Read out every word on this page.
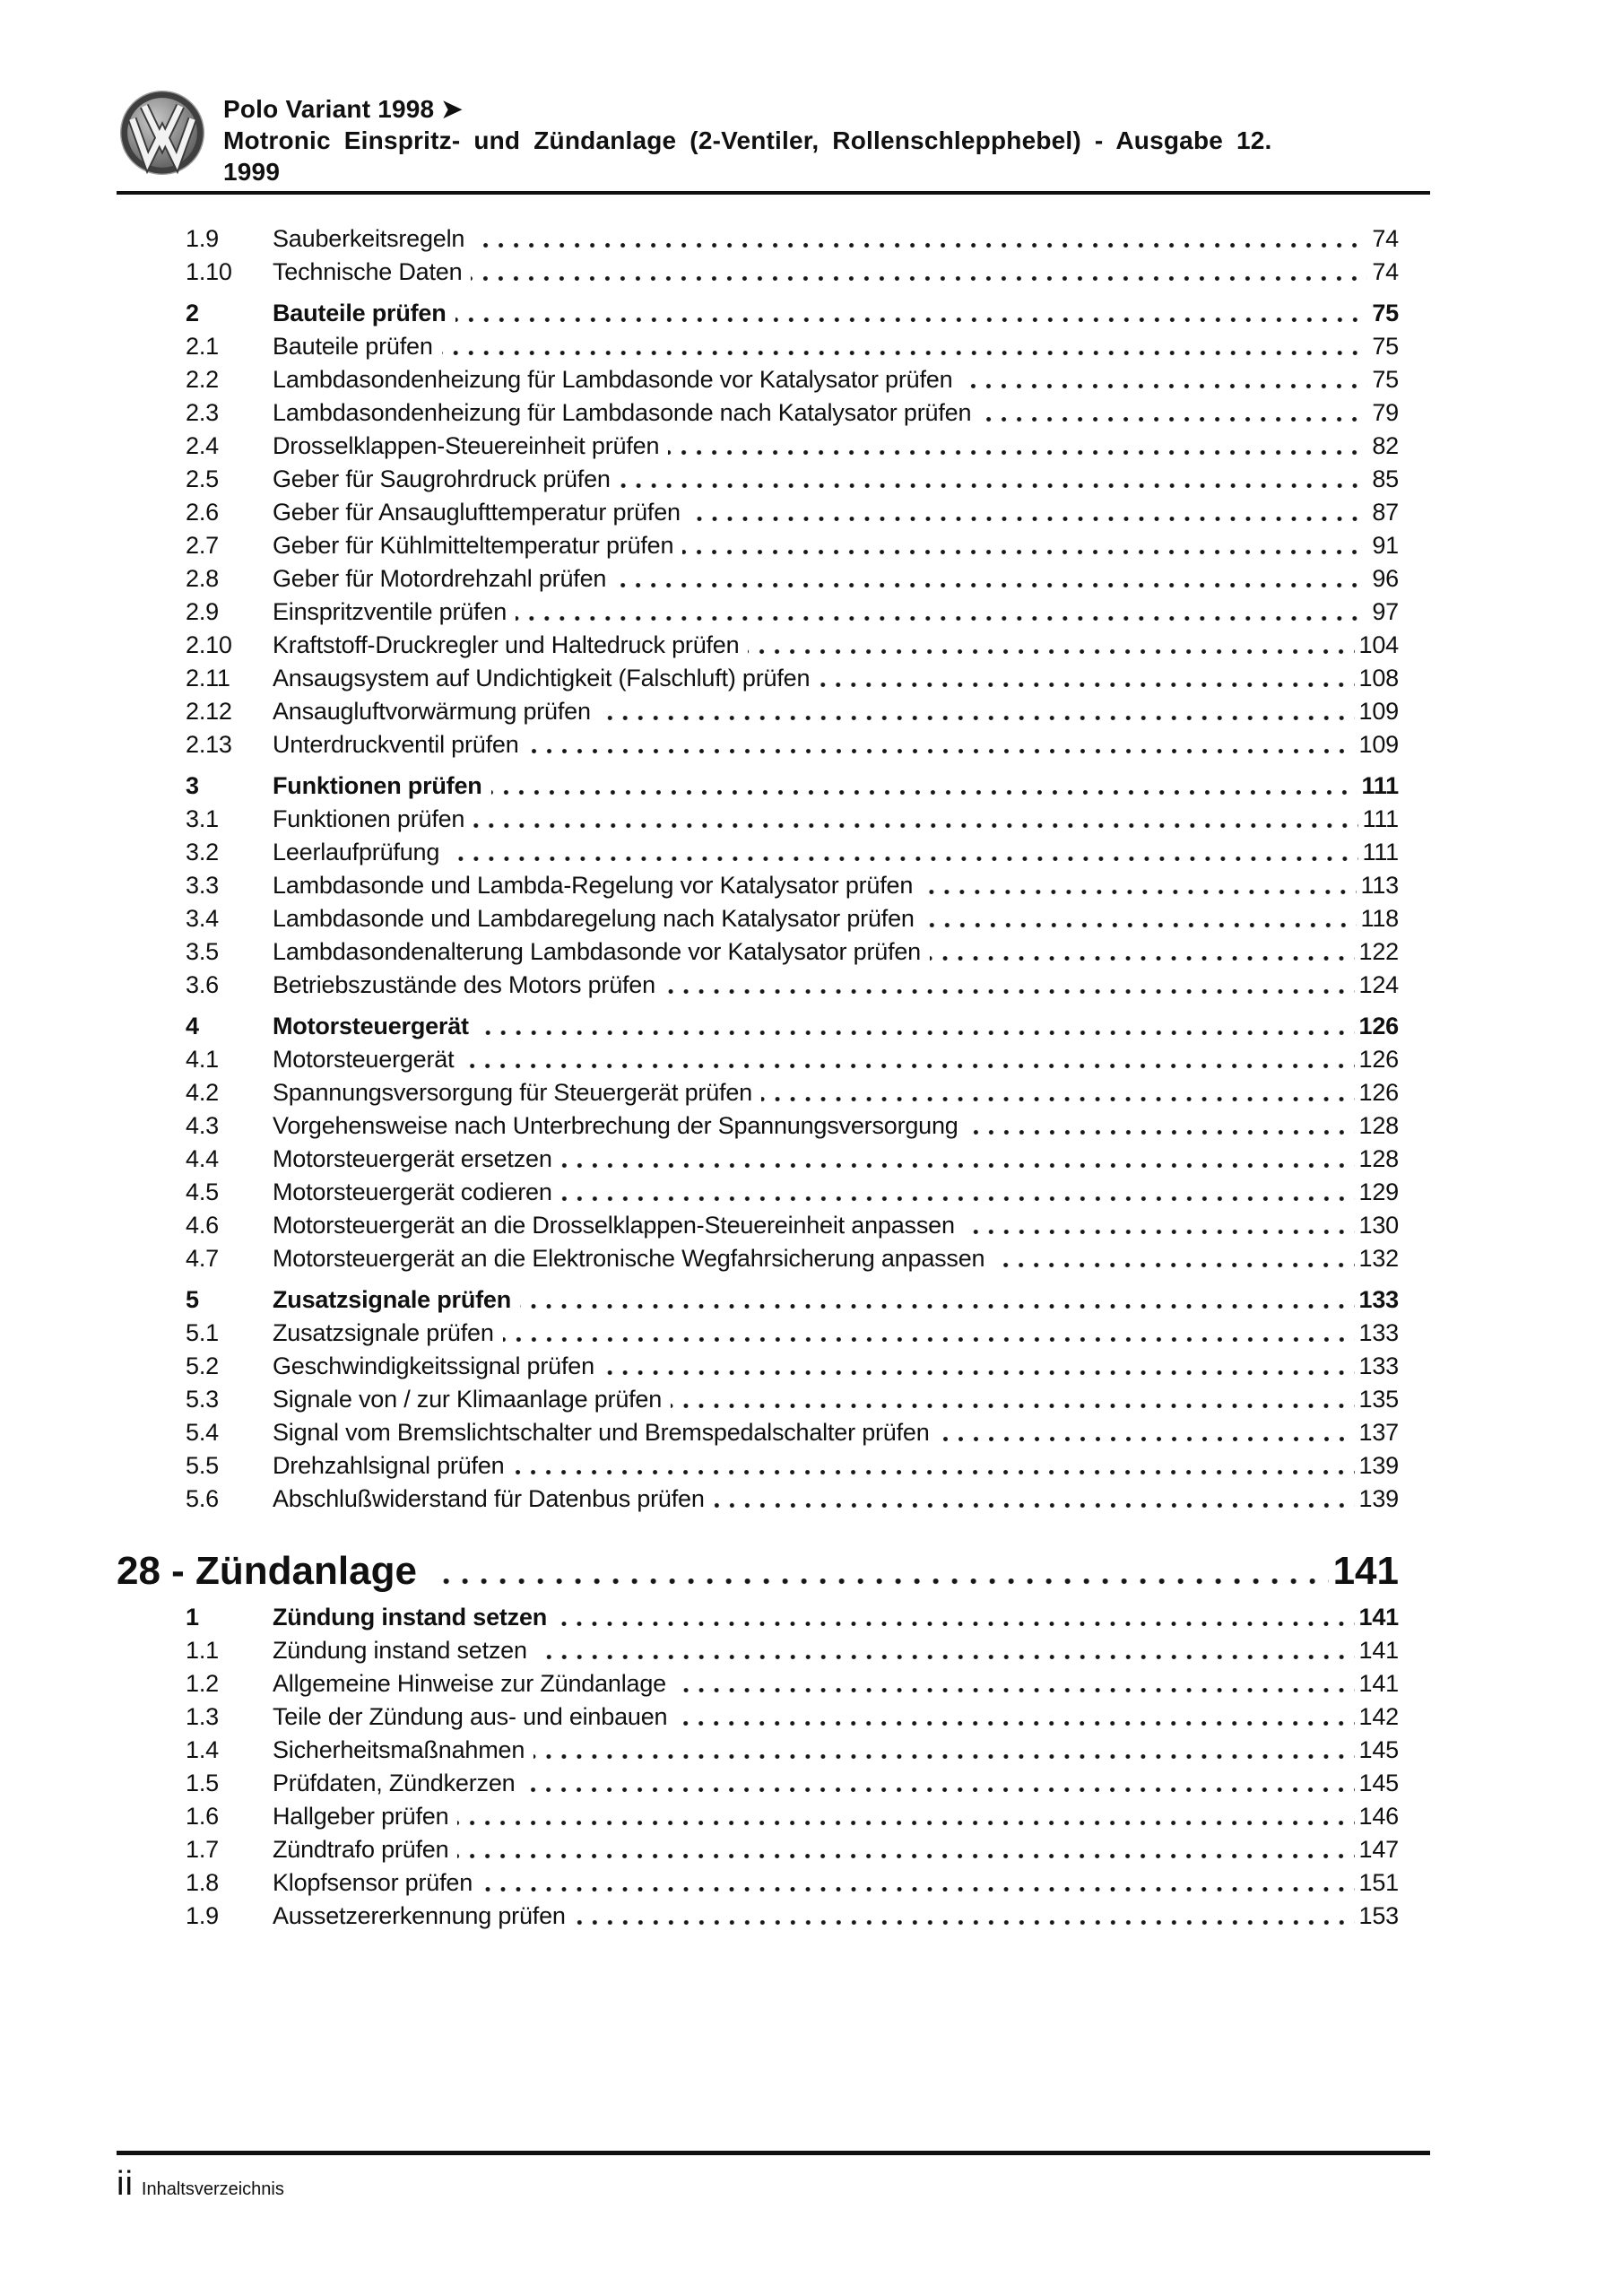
Polo Variant 1998 ➤
Motronic Einspritz- und Zündanlage (2-Ventiler, Rollenschlepphebel) - Ausgabe 12.
1999
1.9	Sauberkeitsregeln	74
1.10	Technische Daten	74
2	Bauteile prüfen	75
2.1	Bauteile prüfen	75
2.2	Lambdasondenheizung für Lambdasonde vor Katalysator prüfen	75
2.3	Lambdasondenheizung für Lambdasonde nach Katalysator prüfen	79
2.4	Drosselklappen-Steuereinheit prüfen	82
2.5	Geber für Saugrohrdruck prüfen	85
2.6	Geber für Ansauglufttemperatur prüfen	87
2.7	Geber für Kühlmitteltemperatur prüfen	91
2.8	Geber für Motordrehzahl prüfen	96
2.9	Einspritzventile prüfen	97
2.10	Kraftstoff-Druckregler und Haltedruck prüfen	104
2.11	Ansaugsystem auf Undichtigkeit (Falschluft) prüfen	108
2.12	Ansaugluftvorwärmung prüfen	109
2.13	Unterdruckventil prüfen	109
3	Funktionen prüfen	111
3.1	Funktionen prüfen	111
3.2	Leerlaufprüfung	111
3.3	Lambdasonde und Lambda-Regelung vor Katalysator prüfen	113
3.4	Lambdasonde und Lambdaregelung nach Katalysator prüfen	118
3.5	Lambdasondenalterung Lambdasonde vor Katalysator prüfen	122
3.6	Betriebszustände des Motors prüfen	124
4	Motorsteuergerät	126
4.1	Motorsteuergerät	126
4.2	Spannungsversorgung für Steuergerät prüfen	126
4.3	Vorgehensweise nach Unterbrechung der Spannungsversorgung	128
4.4	Motorsteuergerät ersetzen	128
4.5	Motorsteuergerät codieren	129
4.6	Motorsteuergerät an die Drosselklappen-Steuereinheit anpassen	130
4.7	Motorsteuergerät an die Elektronische Wegfahrsicherung anpassen	132
5	Zusatzsignale prüfen	133
5.1	Zusatzsignale prüfen	133
5.2	Geschwindigkeitssignal prüfen	133
5.3	Signale von / zur Klimaanlage prüfen	135
5.4	Signal vom Bremslichtschalter und Bremspedalschalter prüfen	137
5.5	Drehzahlsignal prüfen	139
5.6	Abschlußwiderstand für Datenbus prüfen	139
28 - Zündanlage	141
1	Zündung instand setzen	141
1.1	Zündung instand setzen	141
1.2	Allgemeine Hinweise zur Zündanlage	141
1.3	Teile der Zündung aus- und einbauen	142
1.4	Sicherheitsmaßnahmen	145
1.5	Prüfdaten, Zündkerzen	145
1.6	Hallgeber prüfen	146
1.7	Zündtrafo prüfen	147
1.8	Klopfsensor prüfen	151
1.9	Aussetzererkennung prüfen	153
ii Inhaltsverzeichnis
